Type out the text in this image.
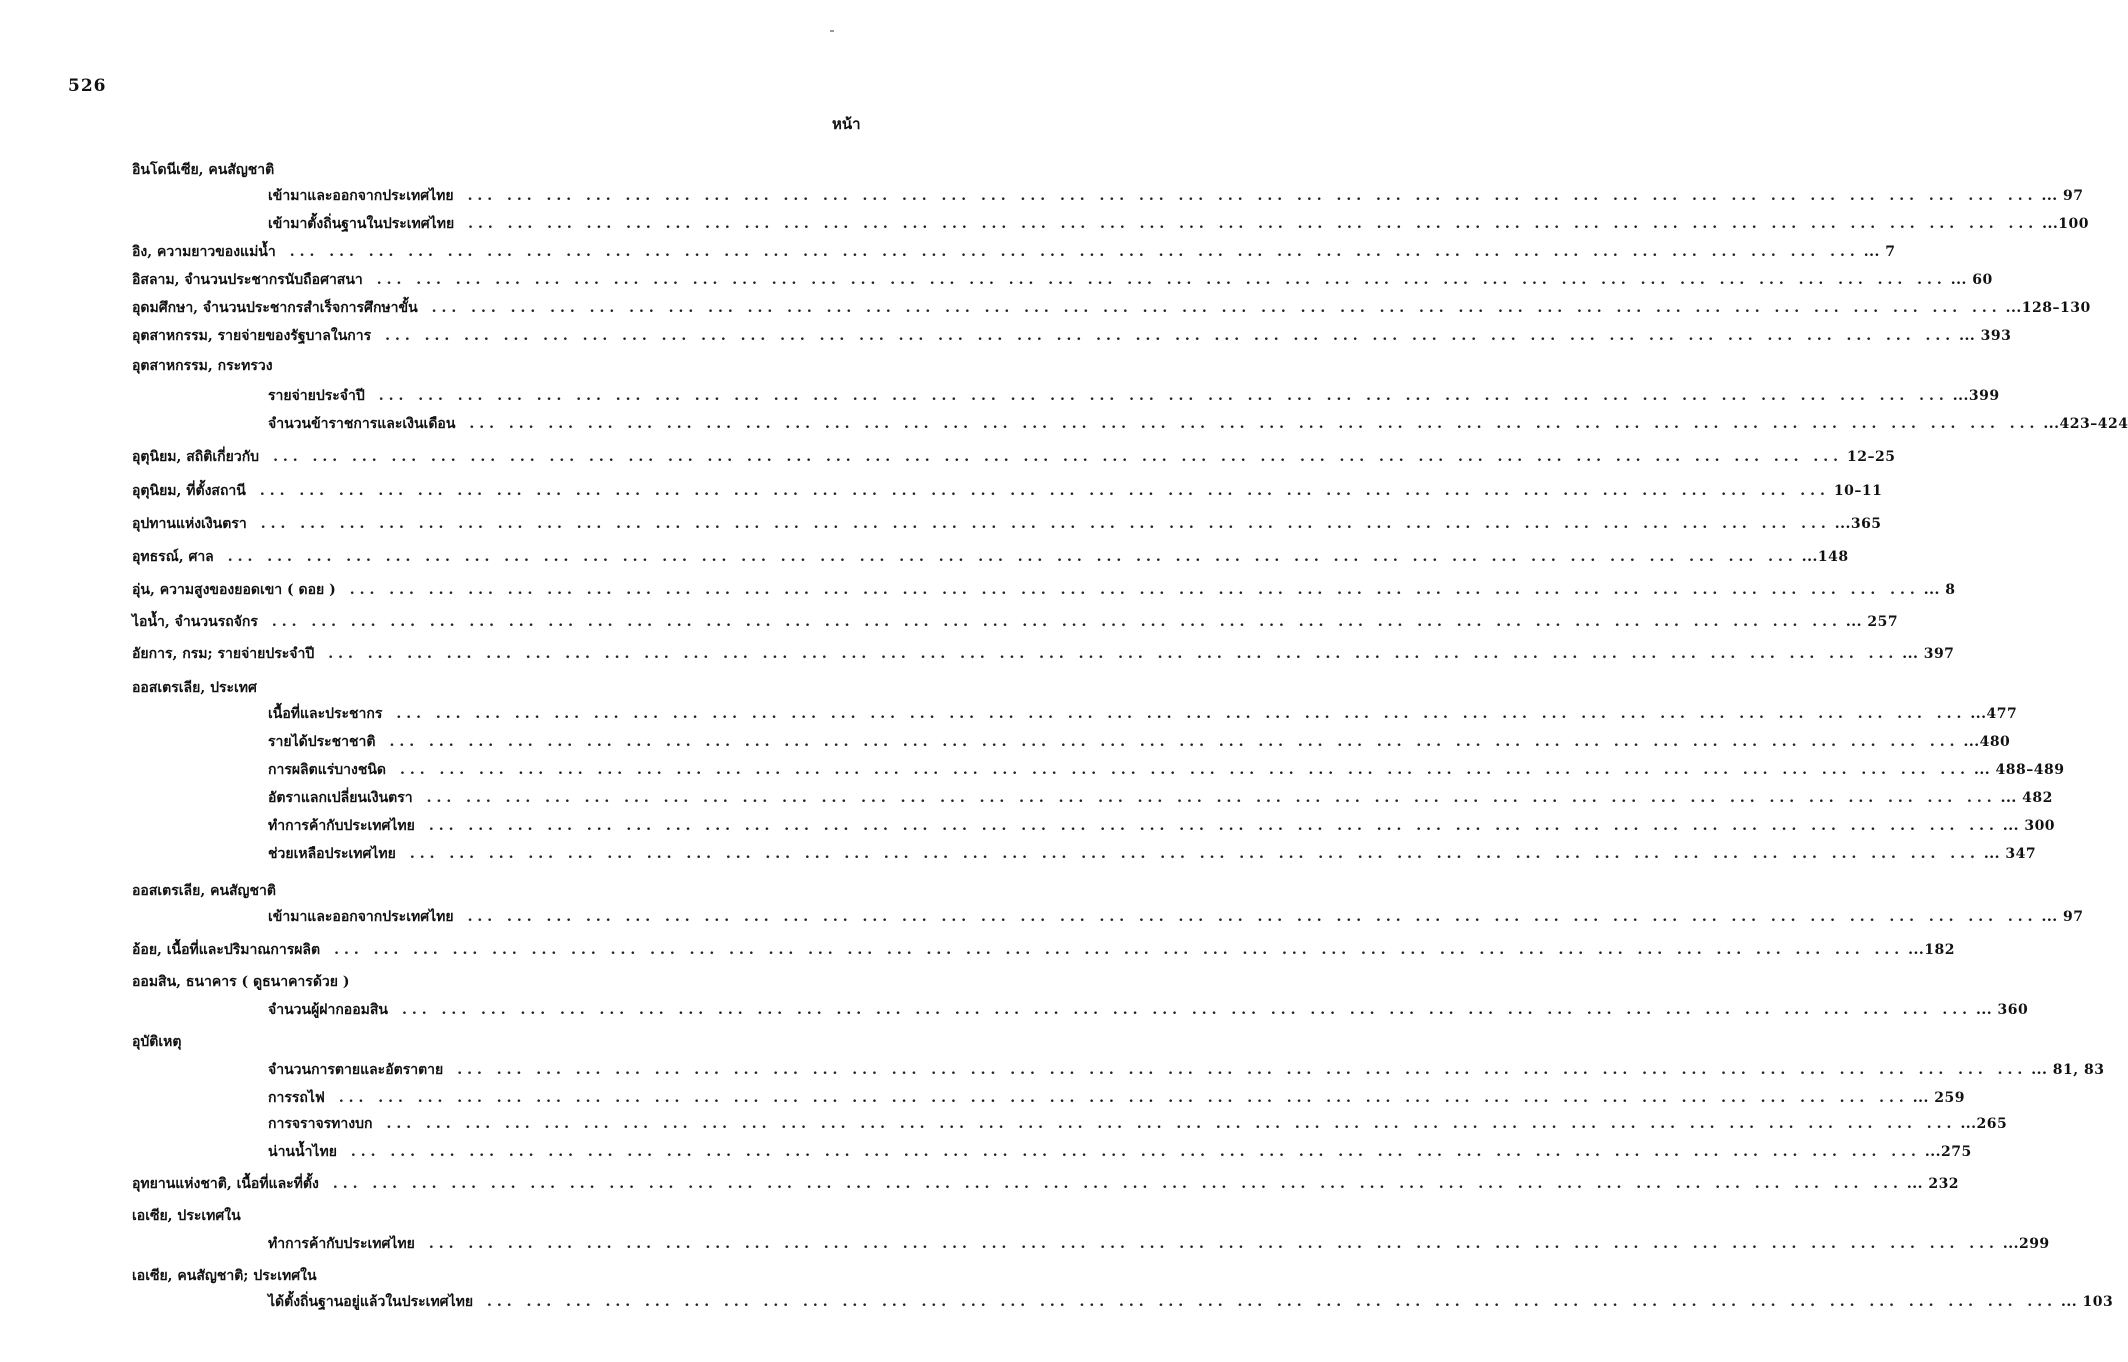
526
หน้า
อินโดนีเซีย, คนสัญชาติ
เข้ามาและออกจากประเทศไทย ... ... ... ... ... ... ... ... ... ... ... ... ... ... ... ... ... ... ... ... ... ... ... ... ... ... ... ... ... ... ... ... ... ... ... ... ... ... ... ... ... 97
เข้ามาตั้งถิ่นฐานในประเทศไทย ... ... ... ... ... ... ... ... ... ... ... ... ... ... ... ... ... ... ... ... ... ... ... ... ... ... ... ... ... ... ... ... ... ... ... ... ... ... ... ... ...100
อิง, ความยาวของแม่น้ำ ... ... ... ... ... ... ... ... ... ... ... ... ... ... ... ... ... ... ... ... ... ... ... ... ... ... ... ... ... ... ... ... ... ... ... ... ... ... ... ... ... 7
อิสลาม, จำนวนประชากรนับถือศาสนา ... ... ... ... ... ... ... ... ... ... ... ... ... ... ... ... ... ... ... ... ... ... ... ... ... ... ... ... ... ... ... ... ... ... ... ... ... ... ... ... ... 60
อุดมศึกษา, จำนวนประชากรสำเร็จการศึกษาขั้น ... ... ... ... ... ... ... ... ... ... ... ... ... ... ... ... ... ... ... ... ... ... ... ... ... ... ... ... ... ... ... ... ... ... ... ... ... ... ... ... ...128–130
อุตสาหกรรม, รายจ่ายของรัฐบาลในการ ... ... ... ... ... ... ... ... ... ... ... ... ... ... ... ... ... ... ... ... ... ... ... ... ... ... ... ... ... ... ... ... ... ... ... ... ... ... ... ... ... 393
อุตสาหกรรม, กระทรวง
รายจ่ายประจำปี ... ... ... ... ... ... ... ... ... ... ... ... ... ... ... ... ... ... ... ... ... ... ... ... ... ... ... ... ... ... ... ... ... ... ... ... ... ... ... ... ...399
จำนวนข้าราชการและเงินเดือน ... ... ... ... ... ... ... ... ... ... ... ... ... ... ... ... ... ... ... ... ... ... ... ... ... ... ... ... ... ... ... ... ... ... ... ... ... ... ... ... ...423–424
อุตุนิยม, สถิติเกี่ยวกับ ... ... ... ... ... ... ... ... ... ... ... ... ... ... ... ... ... ... ... ... ... ... ... ... ... ... ... ... ... ... ... ... ... ... ... ... ... ... ... ... 12–25
อุตุนิยม, ที่ตั้งสถานี ... ... ... ... ... ... ... ... ... ... ... ... ... ... ... ... ... ... ... ... ... ... ... ... ... ... ... ... ... ... ... ... ... ... ... ... ... ... ... ... 10–11
อุปทานแห่งเงินตรา ... ... ... ... ... ... ... ... ... ... ... ... ... ... ... ... ... ... ... ... ... ... ... ... ... ... ... ... ... ... ... ... ... ... ... ... ... ... ... ... ...365
อุทธรณ์, ศาล ... ... ... ... ... ... ... ... ... ... ... ... ... ... ... ... ... ... ... ... ... ... ... ... ... ... ... ... ... ... ... ... ... ... ... ... ... ... ... ... ...148
อุ่น, ความสูงของยอดเขา ( ดอย ) ... ... ... ... ... ... ... ... ... ... ... ... ... ... ... ... ... ... ... ... ... ... ... ... ... ... ... ... ... ... ... ... ... ... ... ... ... ... ... ... ... 8
ไอน้ำ, จำนวนรถจักร ... ... ... ... ... ... ... ... ... ... ... ... ... ... ... ... ... ... ... ... ... ... ... ... ... ... ... ... ... ... ... ... ... ... ... ... ... ... ... ... ... 257
อัยการ, กรม; รายจ่ายประจำปี ... ... ... ... ... ... ... ... ... ... ... ... ... ... ... ... ... ... ... ... ... ... ... ... ... ... ... ... ... ... ... ... ... ... ... ... ... ... ... ... ... 397
ออสเตรเลีย, ประเทศ
เนื้อที่และประชากร ... ... ... ... ... ... ... ... ... ... ... ... ... ... ... ... ... ... ... ... ... ... ... ... ... ... ... ... ... ... ... ... ... ... ... ... ... ... ... ... ...477
รายได้ประชาชาติ ... ... ... ... ... ... ... ... ... ... ... ... ... ... ... ... ... ... ... ... ... ... ... ... ... ... ... ... ... ... ... ... ... ... ... ... ... ... ... ... ...480
การผลิตแร่บางชนิด ... ... ... ... ... ... ... ... ... ... ... ... ... ... ... ... ... ... ... ... ... ... ... ... ... ... ... ... ... ... ... ... ... ... ... ... ... ... ... ... ... 488–489
อัตราแลกเปลี่ยนเงินตรา ... ... ... ... ... ... ... ... ... ... ... ... ... ... ... ... ... ... ... ... ... ... ... ... ... ... ... ... ... ... ... ... ... ... ... ... ... ... ... ... ... 482
ทำการค้ากับประเทศไทย ... ... ... ... ... ... ... ... ... ... ... ... ... ... ... ... ... ... ... ... ... ... ... ... ... ... ... ... ... ... ... ... ... ... ... ... ... ... ... ... ... 300
ช่วยเหลือประเทศไทย ... ... ... ... ... ... ... ... ... ... ... ... ... ... ... ... ... ... ... ... ... ... ... ... ... ... ... ... ... ... ... ... ... ... ... ... ... ... ... ... ... 347
ออสเตรเลีย, คนสัญชาติ
เข้ามาและออกจากประเทศไทย ... ... ... ... ... ... ... ... ... ... ... ... ... ... ... ... ... ... ... ... ... ... ... ... ... ... ... ... ... ... ... ... ... ... ... ... ... ... ... ... ... 97
อ้อย, เนื้อที่และปริมาณการผลิต ... ... ... ... ... ... ... ... ... ... ... ... ... ... ... ... ... ... ... ... ... ... ... ... ... ... ... ... ... ... ... ... ... ... ... ... ... ... ... ... ...182
ออมสิน, ธนาคาร ( ดูธนาคารด้วย )
จำนวนผู้ฝากออมสิน ... ... ... ... ... ... ... ... ... ... ... ... ... ... ... ... ... ... ... ... ... ... ... ... ... ... ... ... ... ... ... ... ... ... ... ... ... ... ... ... ... 360
อุบัติเหตุ
จำนวนการตายและอัตราตาย ... ... ... ... ... ... ... ... ... ... ... ... ... ... ... ... ... ... ... ... ... ... ... ... ... ... ... ... ... ... ... ... ... ... ... ... ... ... ... ... ... 81, 83
การรถไฟ ... ... ... ... ... ... ... ... ... ... ... ... ... ... ... ... ... ... ... ... ... ... ... ... ... ... ... ... ... ... ... ... ... ... ... ... ... ... ... ... ... 259
การจราจรทางบก ... ... ... ... ... ... ... ... ... ... ... ... ... ... ... ... ... ... ... ... ... ... ... ... ... ... ... ... ... ... ... ... ... ... ... ... ... ... ... ... ...265
น่านน้ำไทย ... ... ... ... ... ... ... ... ... ... ... ... ... ... ... ... ... ... ... ... ... ... ... ... ... ... ... ... ... ... ... ... ... ... ... ... ... ... ... ... ...275
อุทยานแห่งชาติ, เนื้อที่และที่ตั้ง ... ... ... ... ... ... ... ... ... ... ... ... ... ... ... ... ... ... ... ... ... ... ... ... ... ... ... ... ... ... ... ... ... ... ... ... ... ... ... ... ... 232
เอเซีย, ประเทศใน
ทำการค้ากับประเทศไทย ... ... ... ... ... ... ... ... ... ... ... ... ... ... ... ... ... ... ... ... ... ... ... ... ... ... ... ... ... ... ... ... ... ... ... ... ... ... ... ... ...299
เอเซีย, คนสัญชาติ; ประเทศใน
ได้ตั้งถิ่นฐานอยู่แล้วในประเทศไทย ... ... ... ... ... ... ... ... ... ... ... ... ... ... ... ... ... ... ... ... ... ... ... ... ... ... ... ... ... ... ... ... ... ... ... ... ... ... ... ... ... 103
